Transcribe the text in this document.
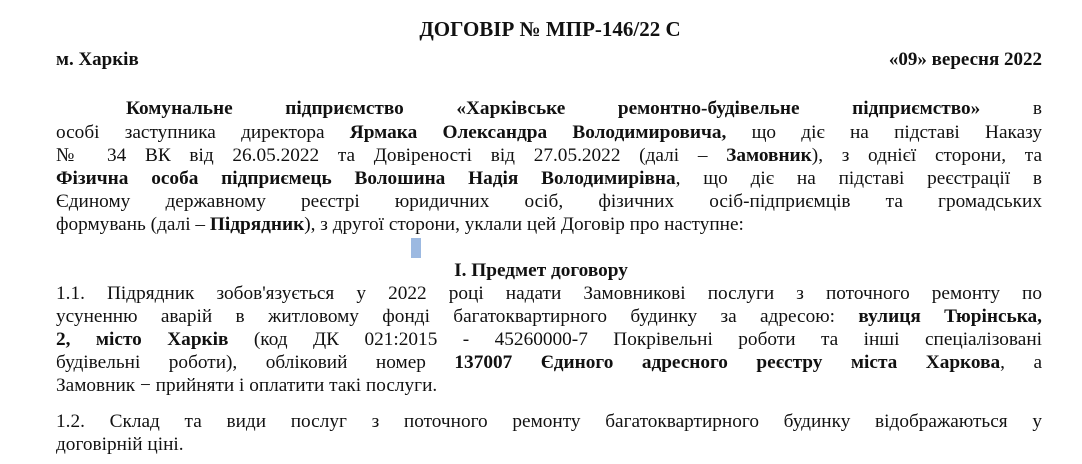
ДОГОВІР № МПР-146/22 С
м. Харків	«09» вересня 2022
Комунальне підприємство «Харківське ремонтно-будівельне підприємство» в
особі заступника директора Ярмака Олександра Володимировича, що діє на підставі Наказу
№ 34 ВК від 26.05.2022 та Довіреності від 27.05.2022 (далі – Замовник), з однієї сторони, та
Фізична особа підприємець Волошина Надія Володимирівна, що діє на підставі реєстрації в
Єдиному державному реєстрі юридичних осіб, фізичних осіб-підприємців та громадських
формувань (далі – Підрядник), з другої сторони, уклали цей Договір про наступне:
I. Предмет договору
1.1. Підрядник зобов'язується у 2022 році надати Замовникові послуги з поточного ремонту по
усуненню аварій в житловому фонді багатоквартирного будинку за адресою: вулиця Тюрінська,
2, місто Харків (код ДК 021:2015 - 45260000-7 Покрівельні роботи та інші спеціалізовані
будівельні роботи), обліковий номер 137007 Єдиного адресного реєстру міста Харкова, а
Замовник − прийняти і оплатити такі послуги.
1.2. Склад та види послуг з поточного ремонту багатоквартирного будинку відображаються у
договірній ціні.
